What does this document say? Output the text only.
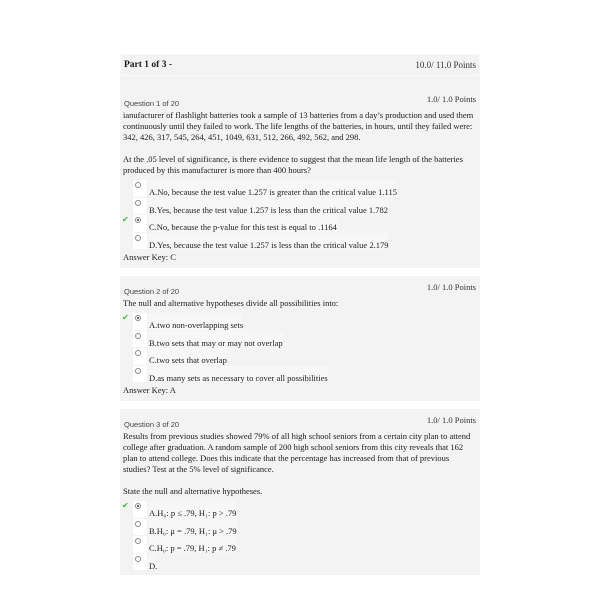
Part 1 of 3 -	10.0/ 11.0 Points
Question 1 of 20	1.0/ 1.0 Points

ianufacturer of flashlight batteries took a sample of 13 batteries from a day’s production and used them continuously until they failed to work. The life lengths of the batteries, in hours, until they failed were: 342, 426, 317, 545, 264, 451, 1049, 631, 512, 266, 492, 562, and 298.

At the .05 level of significance, is there evidence to suggest that the mean life length of the batteries produced by this manufacturer is more than 400 hours?

A.No, because the test value 1.257 is greater than the critical value 1.115
B.Yes, because the test value 1.257 is less than the critical value 1.782
✔
C.No, because the p-value for this test is equal to .1164
D.Yes, because the test value 1.257 is less than the critical value 2.179
Answer Key: C
Question 2 of 20	1.0/ 1.0 Points

The null and alternative hypotheses divide all possibilities into:

✔
A.two non-overlapping sets
B.two sets that may or may not overlap
C.two sets that overlap
D.as many sets as necessary to cover all possibilities
Answer Key: A
Question 3 of 20	1.0/ 1.0 Points

Results from previous studies showed 79% of all high school seniors from a certain city plan to attend college after graduation. A random sample of 200 high school seniors from this city reveals that 162 plan to attend college. Does this indicate that the percentage has increased from that of previous studies? Test at the 5% level of significance.

State the null and alternative hypotheses.

✔
A.H₀: p ≤ .79, H₁: p > .79
B.H₀: μ = .79, H₁: μ > .79
C.H₀: p = .79, H₁: p ≠ .79
D.
